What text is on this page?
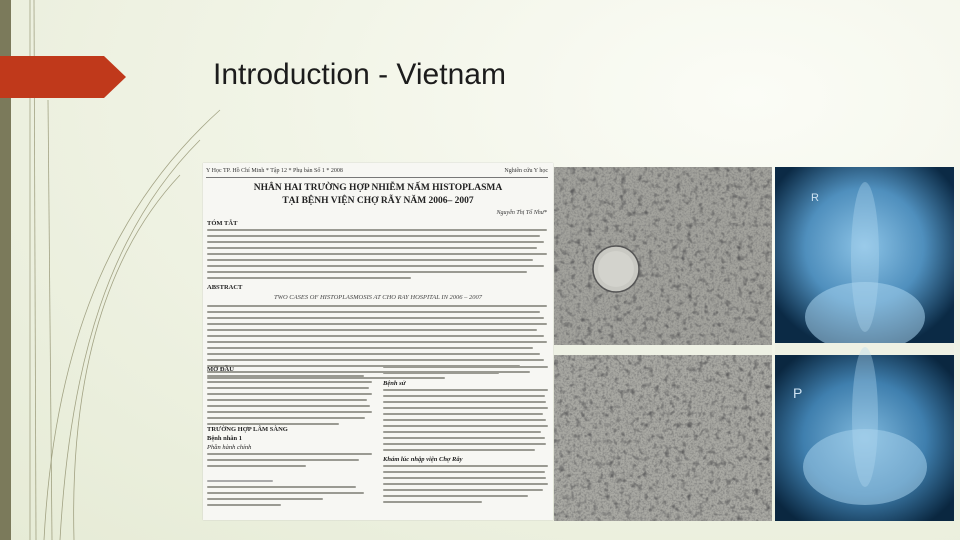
Introduction - Vietnam
Y Học TP. Hồ Chí Minh * Tập 12 * Phụ bản Số 1 * 2008	Nghiên cứu Y học
NHÂN HAI TRƯỜNG HỢP NHIỄM NẤM HISTOPLASMA
TẠI BỆNH VIỆN CHỢ RẪY NĂM 2006– 2007
Nguyễn Thị Tố Như*
TÓM TẮT
ABSTRACT
TWO CASES OF HISTOPLASMOSIS AT CHO RAY HOSPITAL IN 2006 – 2007
MỞ ĐẦU
TRƯỜNG HỢP LÂM SÀNG
Bệnh nhân 1
Phần hành chính
Bệnh sử
Khám lúc nhập viện Chợ Rẫy
R
P
